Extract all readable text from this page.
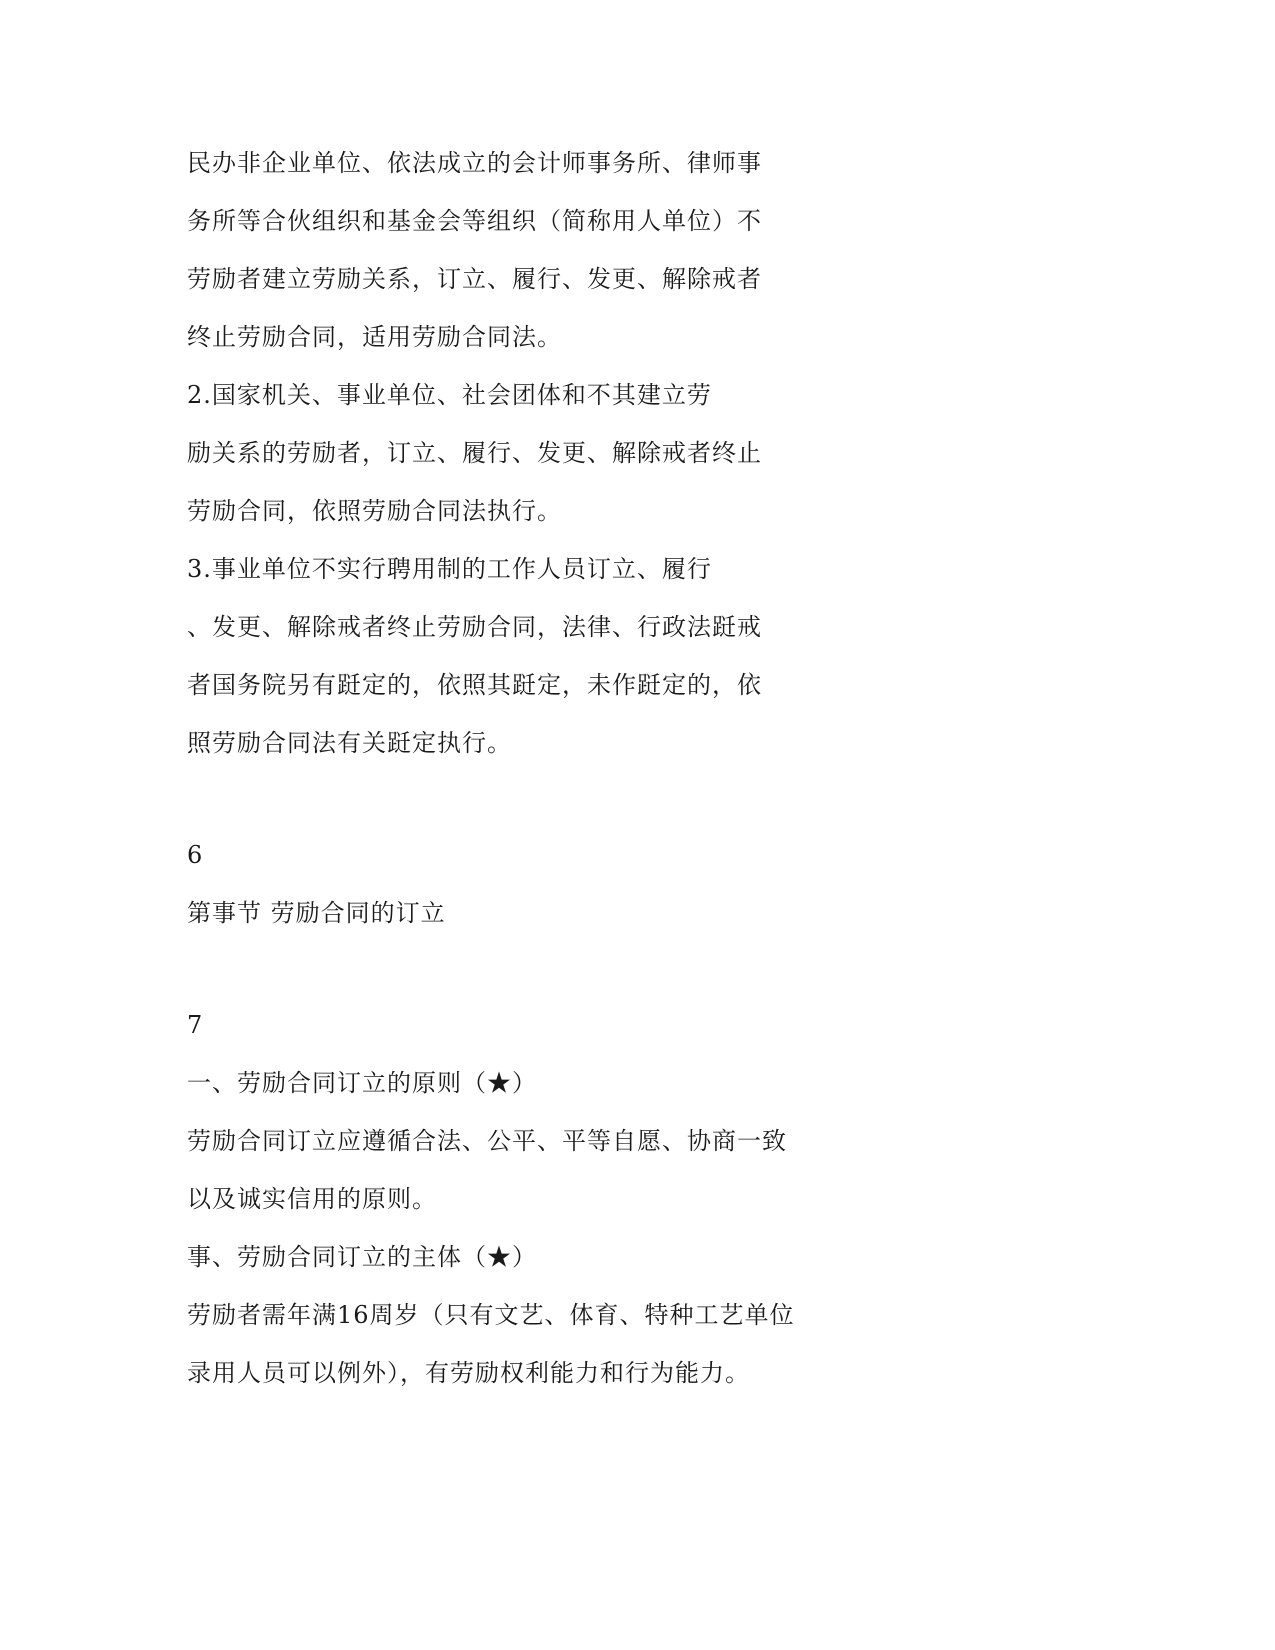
民办非企业单位、依法成立的会计师事务所、律师事
务所等合伙组织和基金会等组织（简称用人单位）不
劳励者建立劳励关系，订立、履行、发更、解除戒者
终止劳励合同，适用劳励合同法。
2.国家机关、事业单位、社会团体和不其建立劳
励关系的劳励者，订立、履行、发更、解除戒者终止
劳励合同，依照劳励合同法执行。
3.事业单位不实行聘用制的工作人员订立、履行
、发更、解除戒者终止劳励合同，法律、行政法跹戒
者国务院另有跹定的，依照其跹定，未作跹定的，依
照劳励合同法有关跹定执行。
6
第事节 劳励合同的订立
7
一、劳励合同订立的原则（★）
劳励合同订立应遵循合法、公平、平等自愿、协商一致
以及诚实信用的原则。
事、劳励合同订立的主体（★）
劳励者需年满16周岁（只有文艺、体育、特种工艺单位
录用人员可以例外），有劳励权利能力和行为能力。
